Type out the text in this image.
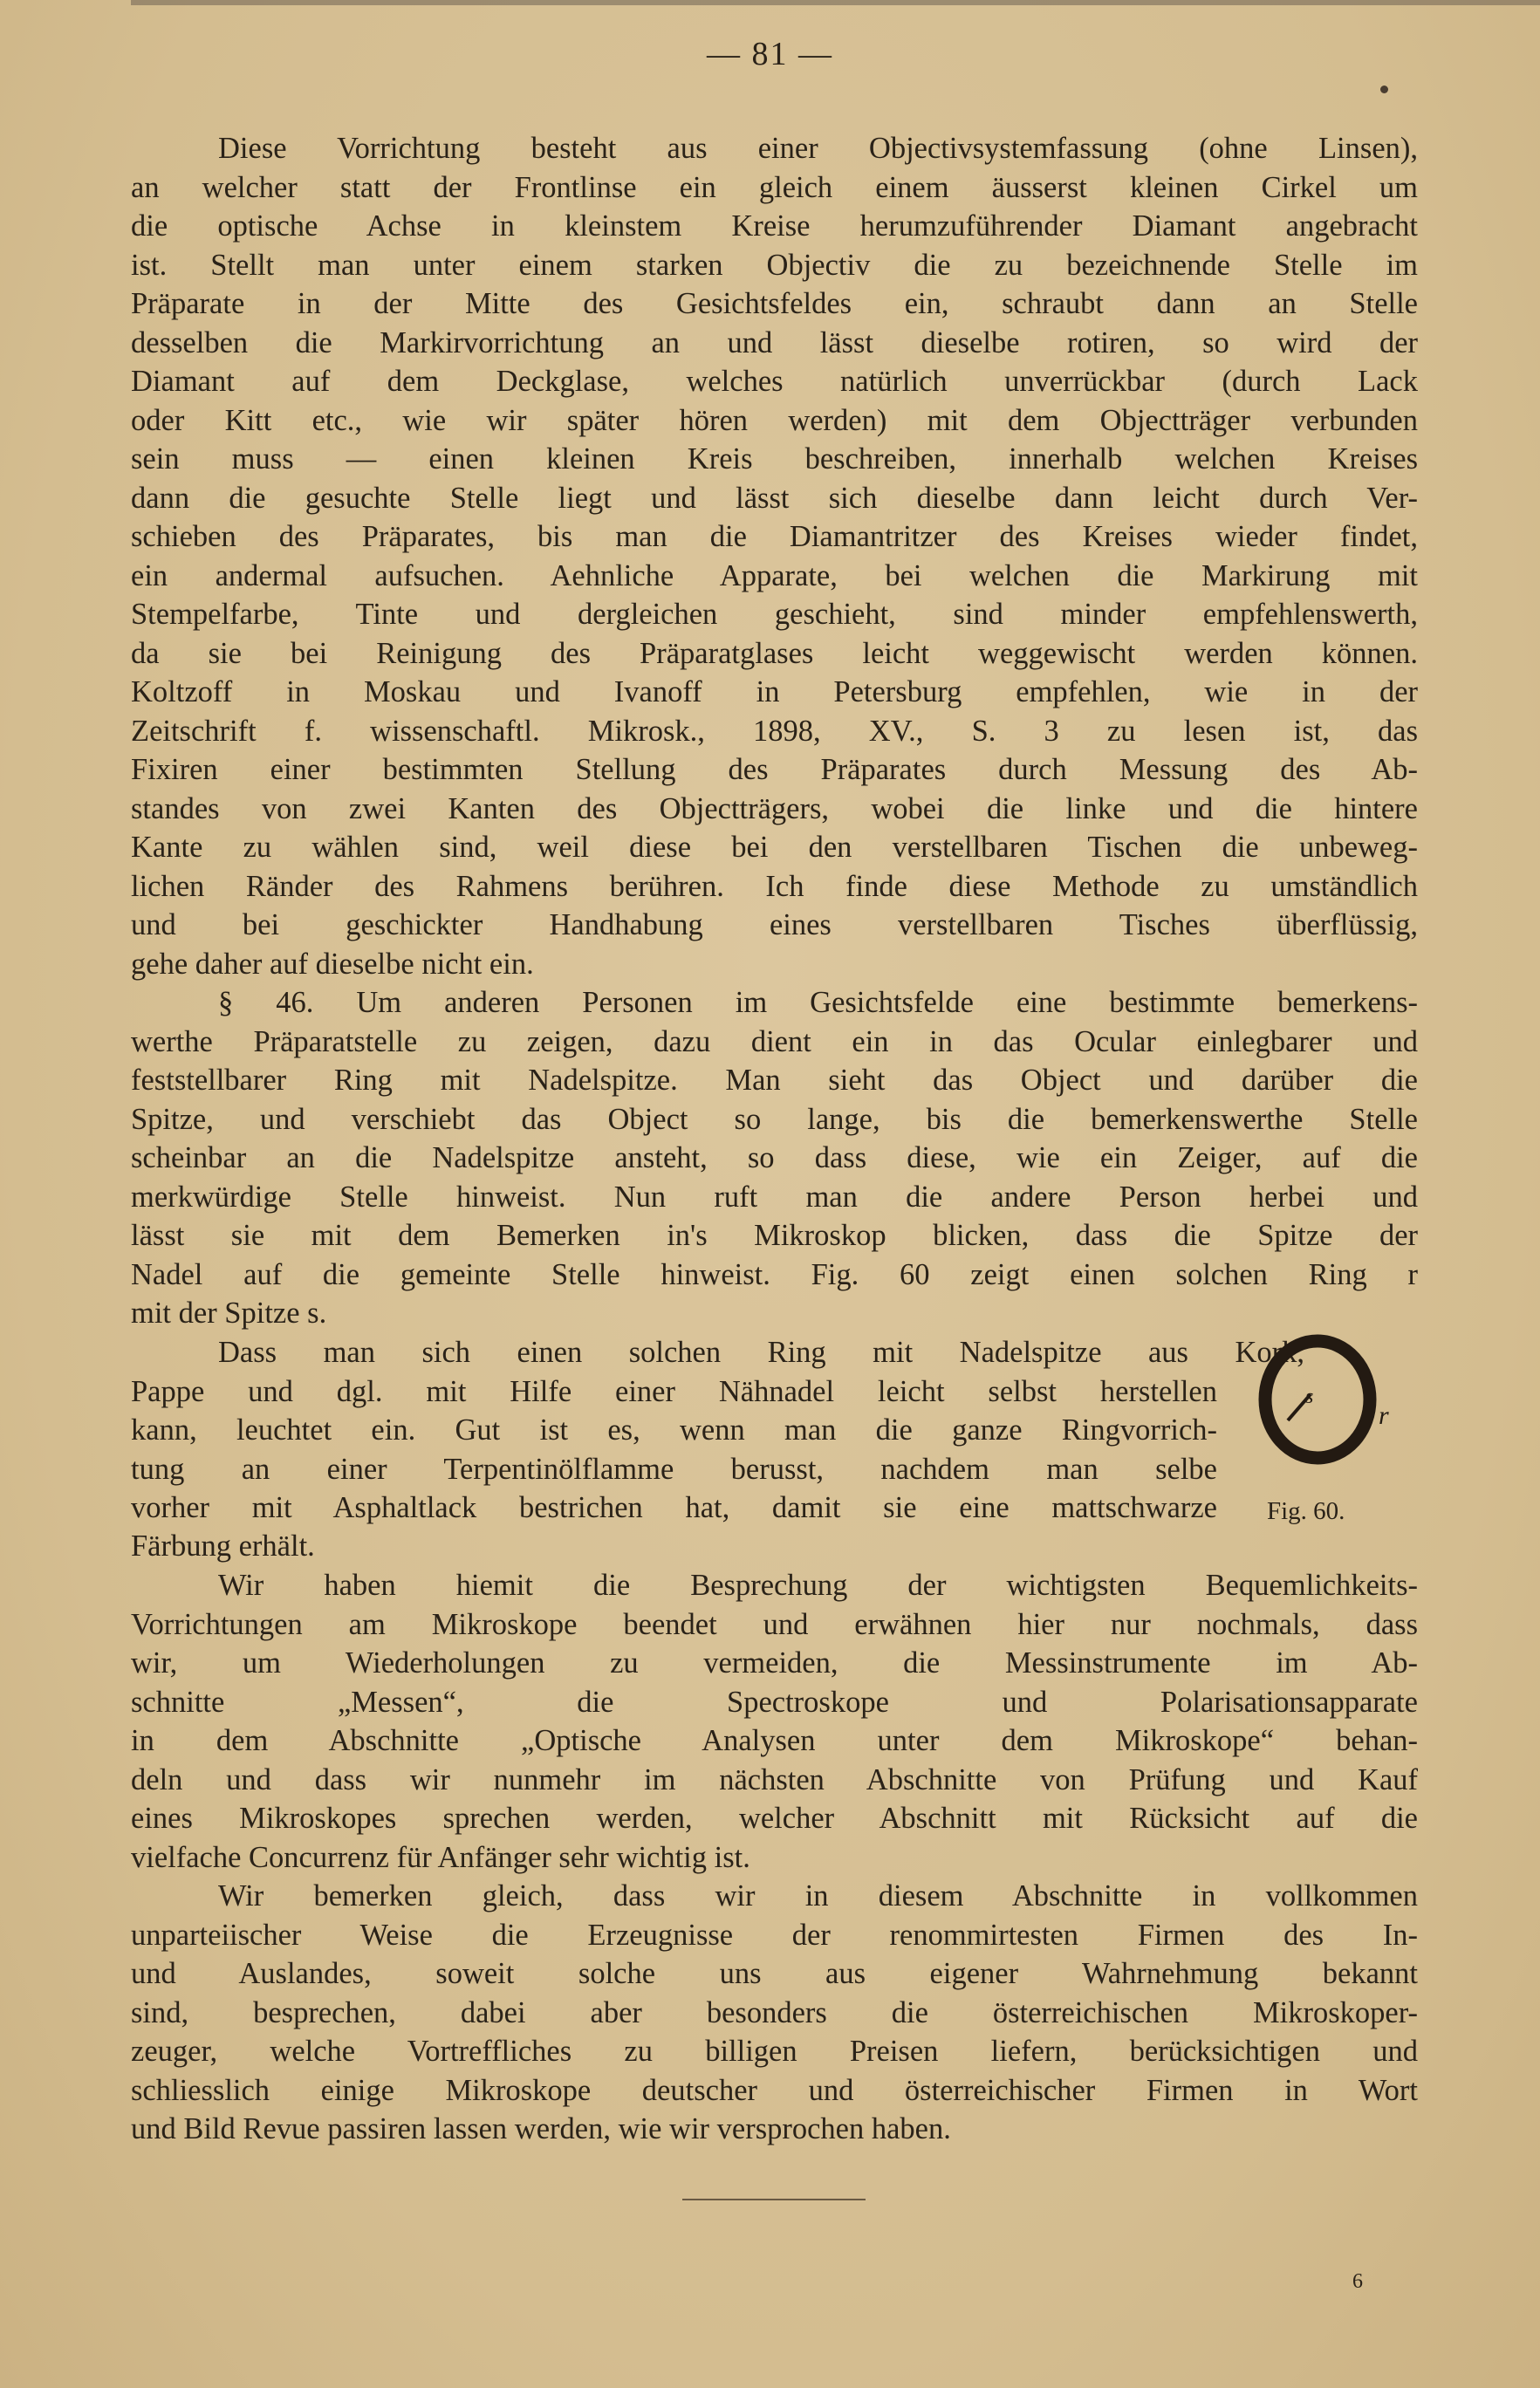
— 81 —
Diese Vorrichtung besteht aus einer Objectivsystemfassung (ohne Linsen),
an welcher statt der Frontlinse ein gleich einem äusserst kleinen Cirkel um
die optische Achse in kleinstem Kreise herumzuführender Diamant angebracht
ist. Stellt man unter einem starken Objectiv die zu bezeichnende Stelle im
Präparate in der Mitte des Gesichtsfeldes ein, schraubt dann an Stelle
desselben die Markirvorrichtung an und lässt dieselbe rotiren, so wird der
Diamant auf dem Deckglase, welches natürlich unverrückbar (durch Lack
oder Kitt etc., wie wir später hören werden) mit dem Objectträger verbunden
sein muss — einen kleinen Kreis beschreiben, innerhalb welchen Kreises
dann die gesuchte Stelle liegt und lässt sich dieselbe dann leicht durch Ver-
schieben des Präparates, bis man die Diamantritzer des Kreises wieder findet,
ein andermal aufsuchen. Aehnliche Apparate, bei welchen die Markirung mit
Stempelfarbe, Tinte und dergleichen geschieht, sind minder empfehlenswerth,
da sie bei Reinigung des Präparatglases leicht weggewischt werden können.
Koltzoff in Moskau und Ivanoff in Petersburg empfehlen, wie in der
Zeitschrift f. wissenschaftl. Mikrosk., 1898, XV., S. 3 zu lesen ist, das
Fixiren einer bestimmten Stellung des Präparates durch Messung des Ab-
standes von zwei Kanten des Objectträgers, wobei die linke und die hintere
Kante zu wählen sind, weil diese bei den verstellbaren Tischen die unbeweg-
lichen Ränder des Rahmens berühren. Ich finde diese Methode zu umständlich
und bei geschickter Handhabung eines verstellbaren Tisches überflüssig,
gehe daher auf dieselbe nicht ein.
§ 46. Um anderen Personen im Gesichtsfelde eine bestimmte bemerkens-
werthe Präparatstelle zu zeigen, dazu dient ein in das Ocular einlegbarer und
feststellbarer Ring mit Nadelspitze. Man sieht das Object und darüber die
Spitze, und verschiebt das Object so lange, bis die bemerkenswerthe Stelle
scheinbar an die Nadelspitze ansteht, so dass diese, wie ein Zeiger, auf die
merkwürdige Stelle hinweist. Nun ruft man die andere Person herbei und
lässt sie mit dem Bemerken in's Mikroskop blicken, dass die Spitze der
Nadel auf die gemeinte Stelle hinweist. Fig. 60 zeigt einen solchen Ring r
mit der Spitze s.
Dass man sich einen solchen Ring mit Nadelspitze aus Kork,
Pappe und dgl. mit Hilfe einer Nähnadel leicht selbst herstellen
kann, leuchtet ein. Gut ist es, wenn man die ganze Ringvorrich-
tung an einer Terpentinölflamme berusst, nachdem man selbe
vorher mit Asphaltlack bestrichen hat, damit sie eine mattschwarze
Färbung erhält.
Wir haben hiemit die Besprechung der wichtigsten Bequemlichkeits-
Vorrichtungen am Mikroskope beendet und erwähnen hier nur nochmals, dass
wir, um Wiederholungen zu vermeiden, die Messinstrumente im Ab-
schnitte „Messen“, die Spectroskope und Polarisationsapparate
in dem Abschnitte „Optische Analysen unter dem Mikroskope“ behan-
deln und dass wir nunmehr im nächsten Abschnitte von Prüfung und Kauf
eines Mikroskopes sprechen werden, welcher Abschnitt mit Rücksicht auf die
vielfache Concurrenz für Anfänger sehr wichtig ist.
Wir bemerken gleich, dass wir in diesem Abschnitte in vollkommen
unparteiischer Weise die Erzeugnisse der renommirtesten Firmen des In-
und Auslandes, soweit solche uns aus eigener Wahrnehmung bekannt
sind, besprechen, dabei aber besonders die österreichischen Mikroskoper-
zeuger, welche Vortreffliches zu billigen Preisen liefern, berücksichtigen und
schliesslich einige Mikroskope deutscher und österreichischer Firmen in Wort
und Bild Revue passiren lassen werden, wie wir versprochen haben.
s
r
Fig. 60.
6
